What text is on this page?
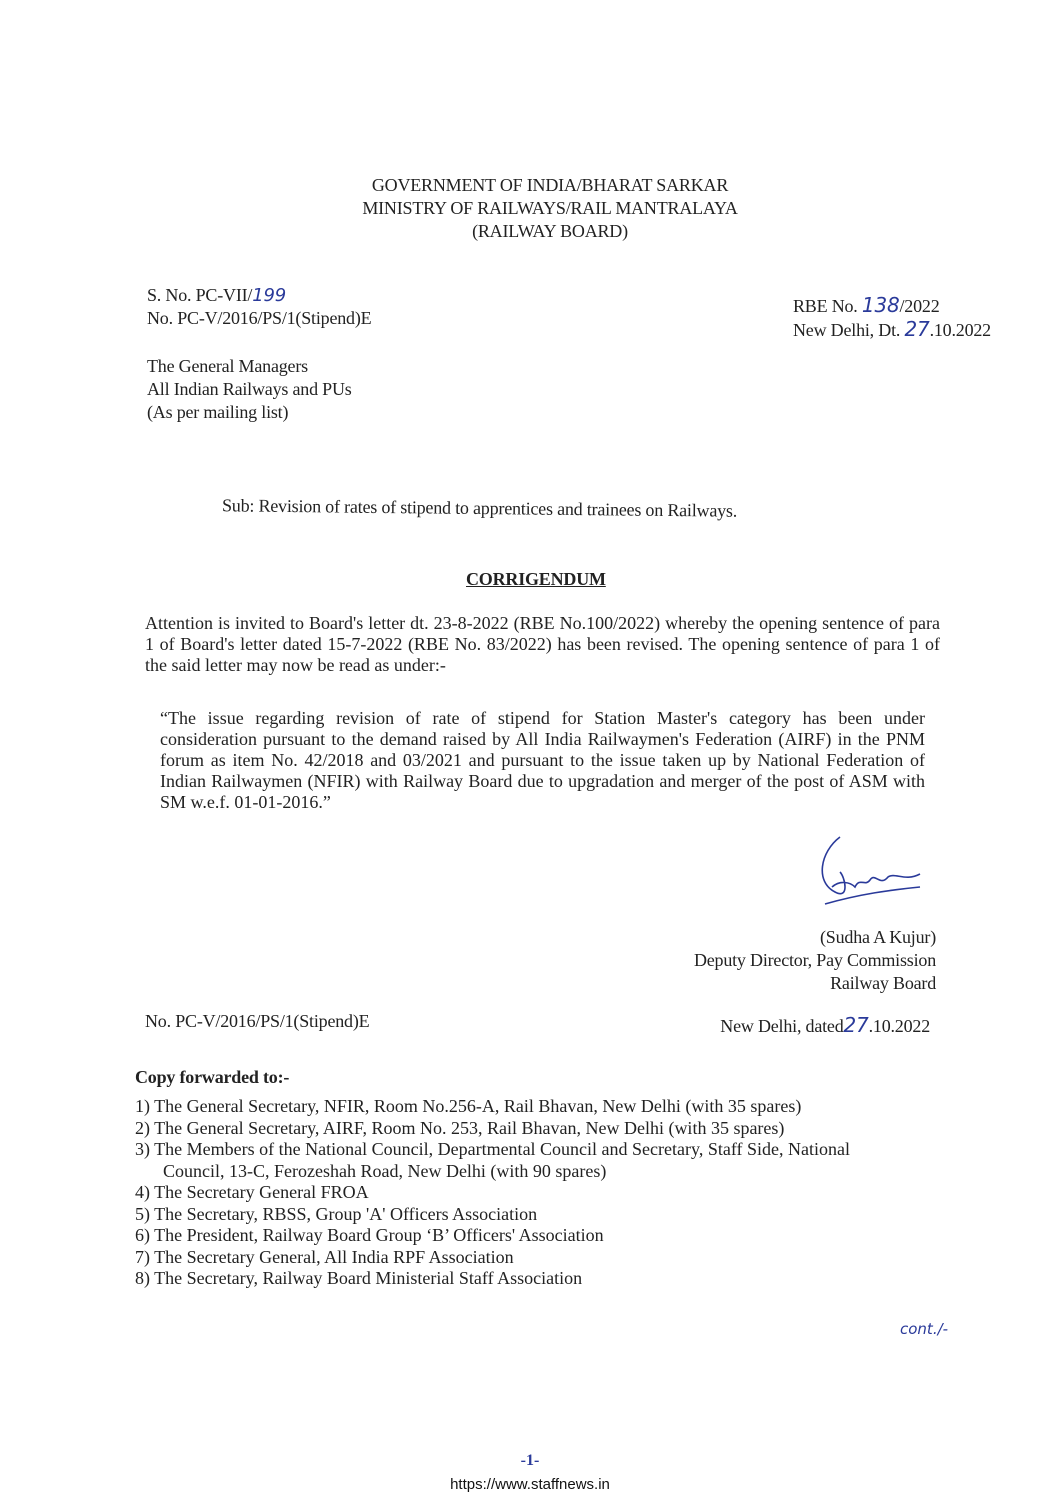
GOVERNMENT OF INDIA/BHARAT SARKAR
MINISTRY OF RAILWAYS/RAIL MANTRALAYA
(RAILWAY BOARD)
S. No. PC-VII/199
No. PC-V/2016/PS/1(Stipend)E
RBE No. 138/2022
New Delhi, Dt. 27.10.2022
The General Managers
All Indian Railways and PUs
(As per mailing list)
Sub: Revision of rates of stipend to apprentices and trainees on Railways.
CORRIGENDUM
Attention is invited to Board's letter dt. 23-8-2022 (RBE No.100/2022) whereby the opening sentence of para 1 of Board's letter dated 15-7-2022 (RBE No. 83/2022) has been revised. The opening sentence of para 1 of the said letter may now be read as under:-
“The issue regarding revision of rate of stipend for Station Master's category has been under consideration pursuant to the demand raised by All India Railwaymen's Federation (AIRF) in the PNM forum as item No. 42/2018 and 03/2021 and pursuant to the issue taken up by National Federation of Indian Railwaymen (NFIR) with Railway Board due to upgradation and merger of the post of ASM with SM w.e.f. 01-01-2016.”
(Sudha A Kujur)
Deputy Director, Pay Commission
Railway Board
No. PC-V/2016/PS/1(Stipend)E	New Delhi, dated27.10.2022
Copy forwarded to:-
1) The General Secretary, NFIR, Room No.256-A, Rail Bhavan, New Delhi (with 35 spares)
2) The General Secretary, AIRF, Room No. 253, Rail Bhavan, New Delhi (with 35 spares)
3) The Members of the National Council, Departmental Council and Secretary, Staff Side, National
Council, 13-C, Ferozeshah Road, New Delhi (with 90 spares)
4) The Secretary General FROA
5) The Secretary, RBSS, Group 'A' Officers Association
6) The President, Railway Board Group ‘B’ Officers' Association
7) The Secretary General, All India RPF Association
8) The Secretary, Railway Board Ministerial Staff Association
cont./-
-1-
https://www.staffnews.in
